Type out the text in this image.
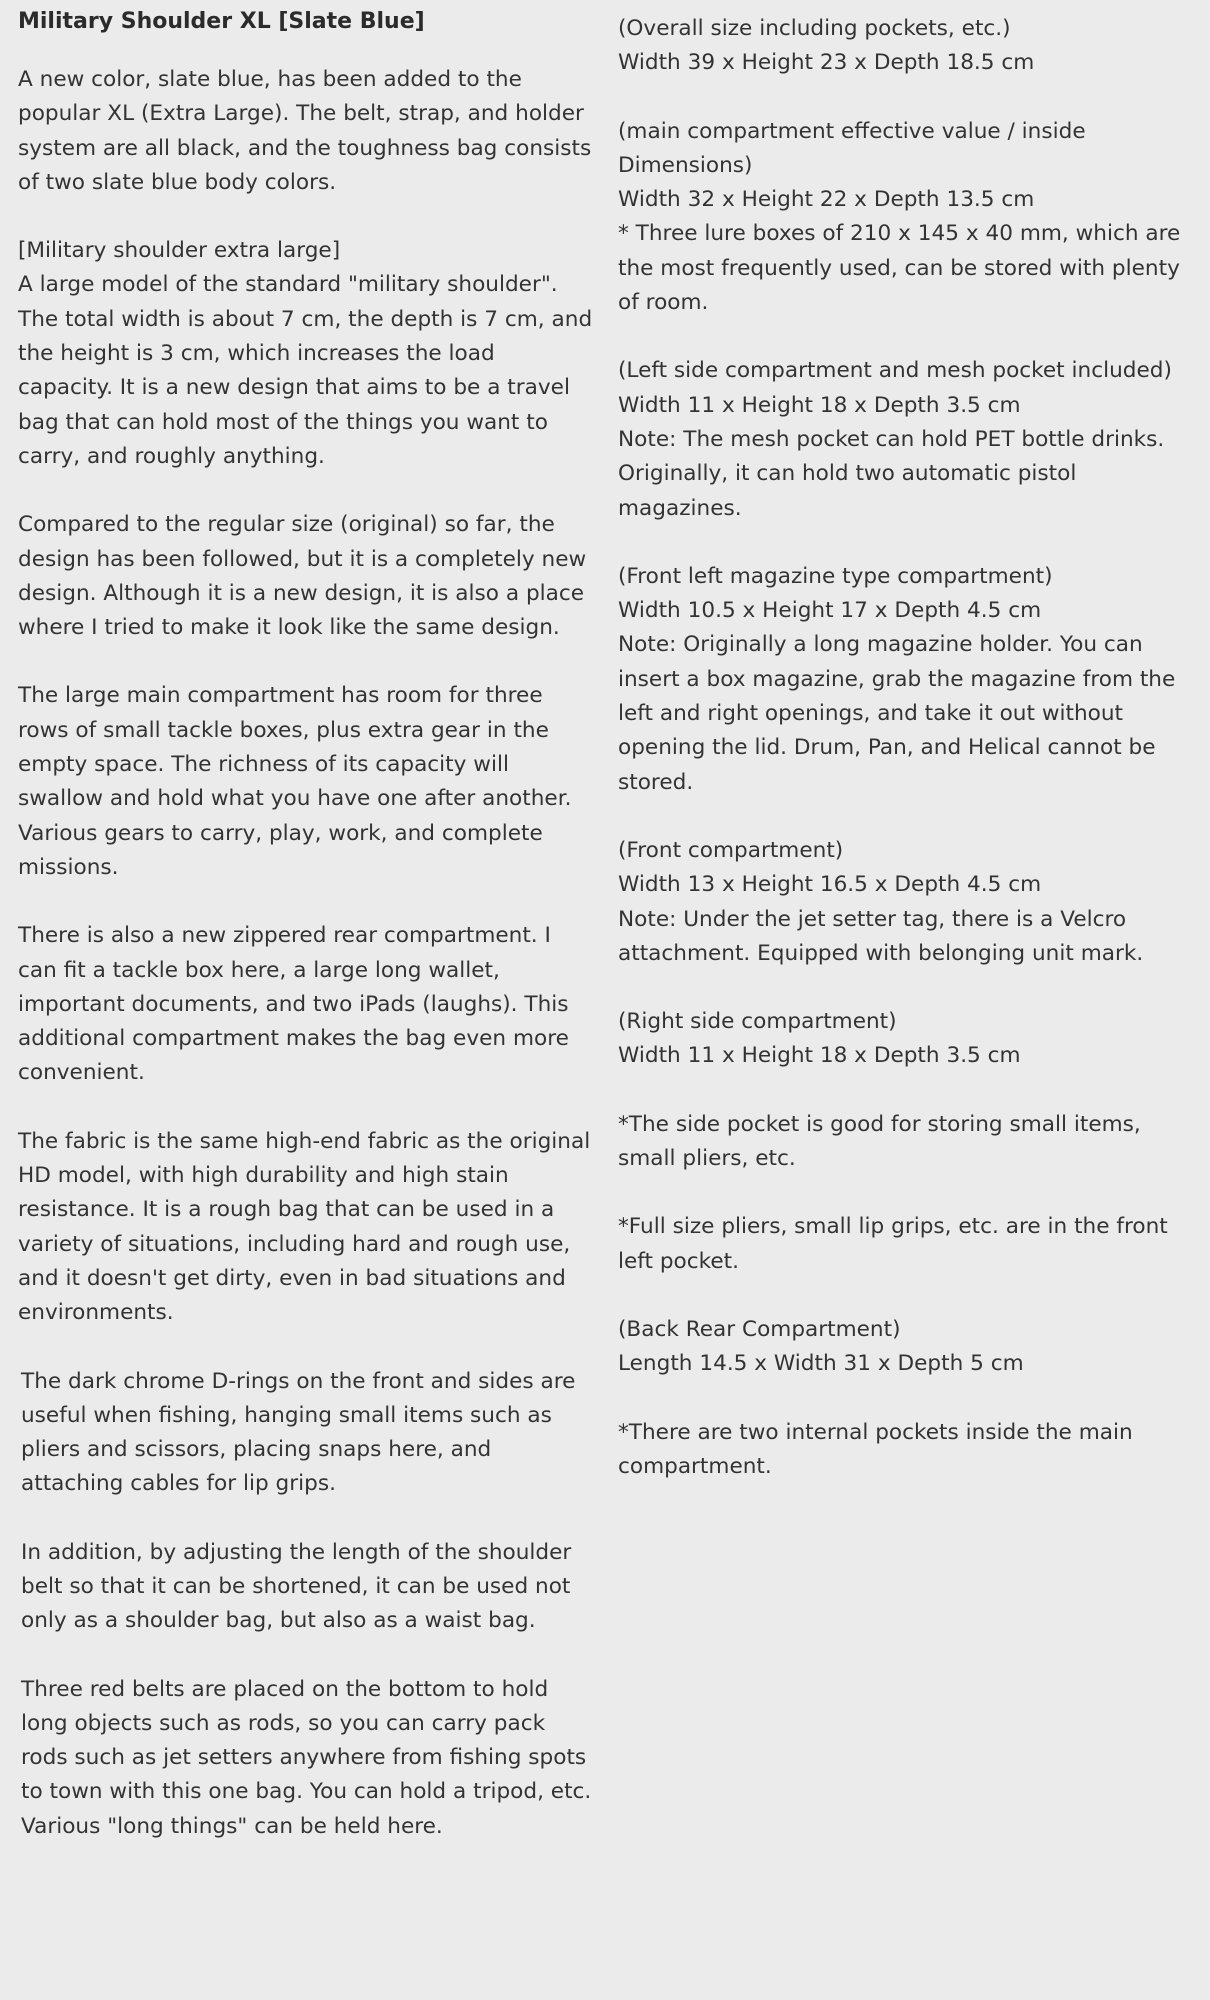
Military Shoulder XL [Slate Blue]
A new color, slate blue, has been added to the popular XL (Extra Large). The belt, strap, and holder system are all black, and the toughness bag consists of two slate blue body colors.
[Military shoulder extra large]
A large model of the standard "military shoulder". The total width is about 7 cm, the depth is 7 cm, and the height is 3 cm, which increases the load capacity. It is a new design that aims to be a travel bag that can hold most of the things you want to carry, and roughly anything.
Compared to the regular size (original) so far, the design has been followed, but it is a completely new design. Although it is a new design, it is also a place where I tried to make it look like the same design.
The large main compartment has room for three rows of small tackle boxes, plus extra gear in the empty space. The richness of its capacity will swallow and hold what you have one after another. Various gears to carry, play, work, and complete missions.
There is also a new zippered rear compartment. I can fit a tackle box here, a large long wallet, important documents, and two iPads (laughs). This additional compartment makes the bag even more convenient.
The fabric is the same high-end fabric as the original HD model, with high durability and high stain resistance. It is a rough bag that can be used in a variety of situations, including hard and rough use, and it doesn't get dirty, even in bad situations and environments.
The dark chrome D-rings on the front and sides are useful when fishing, hanging small items such as pliers and scissors, placing snaps here, and attaching cables for lip grips.
In addition, by adjusting the length of the shoulder belt so that it can be shortened, it can be used not only as a shoulder bag, but also as a waist bag.
Three red belts are placed on the bottom to hold long objects such as rods, so you can carry pack rods such as jet setters anywhere from fishing spots to town with this one bag. You can hold a tripod, etc. Various "long things" can be held here.
(Overall size including pockets, etc.)
Width 39 x Height 23 x Depth 18.5 cm
(main compartment effective value / inside Dimensions)
Width 32 x Height 22 x Depth 13.5 cm
* Three lure boxes of 210 x 145 x 40 mm, which are the most frequently used, can be stored with plenty of room.
(Left side compartment and mesh pocket included)
Width 11 x Height 18 x Depth 3.5 cm
Note: The mesh pocket can hold PET bottle drinks. Originally, it can hold two automatic pistol magazines.
(Front left magazine type compartment)
Width 10.5 x Height 17 x Depth 4.5 cm
Note: Originally a long magazine holder. You can insert a box magazine, grab the magazine from the left and right openings, and take it out without opening the lid. Drum, Pan, and Helical cannot be stored.
(Front compartment)
Width 13 x Height 16.5 x Depth 4.5 cm
Note: Under the jet setter tag, there is a Velcro attachment. Equipped with belonging unit mark.
(Right side compartment)
Width 11 x Height 18 x Depth 3.5 cm
*The side pocket is good for storing small items, small pliers, etc.
*Full size pliers, small lip grips, etc. are in the front left pocket.
(Back Rear Compartment)
Length 14.5 x Width 31 x Depth 5 cm
*There are two internal pockets inside the main compartment.
